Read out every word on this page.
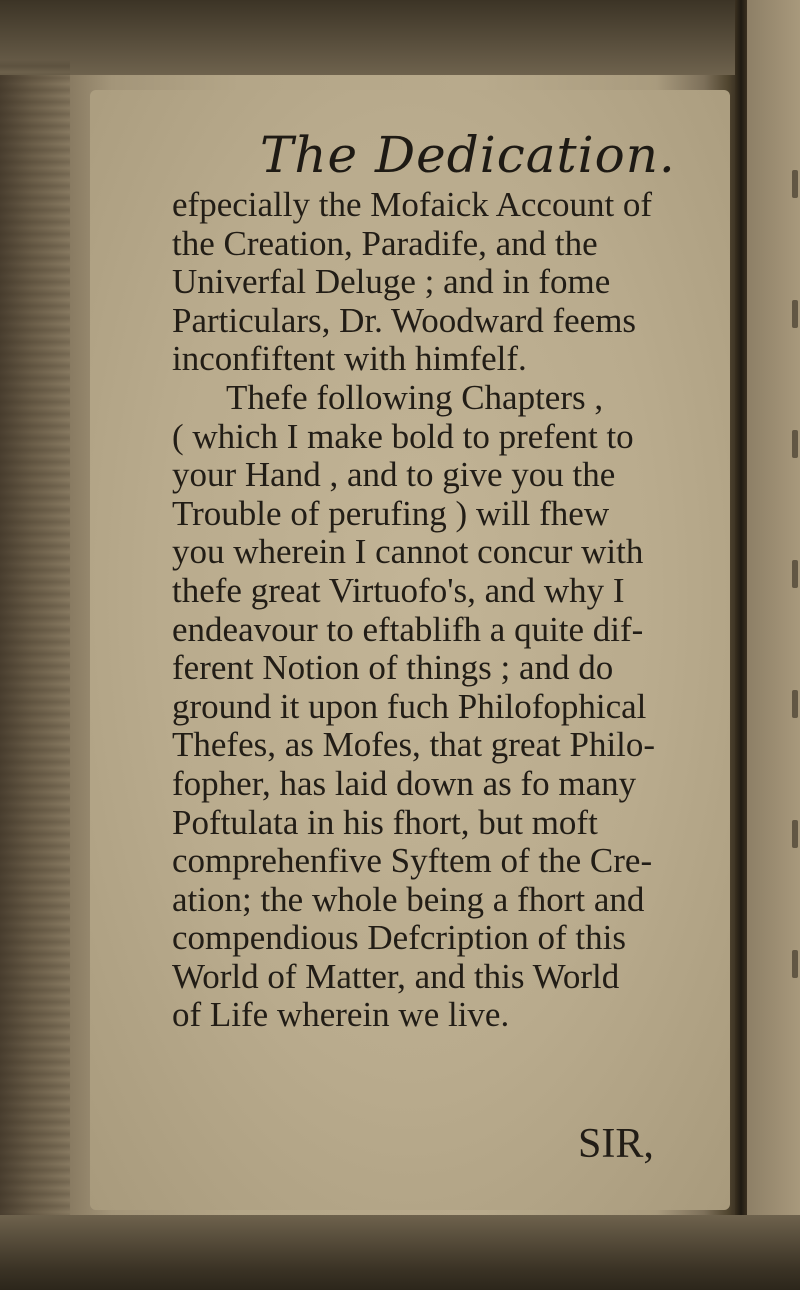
The Dedication.
efpecially the Mofaick Account of
the Creation, Paradife, and the
Univerfal Deluge ; and in fome
Particulars, Dr. Woodward feems
inconfiftent with himfelf.
Thefe following Chapters ,
( which I make bold to prefent to
your Hand , and to give you the
Trouble of perufing ) will fhew
you wherein I cannot concur with
thefe great Virtuofo's, and why I
endeavour to eftablifh a quite dif-
ferent Notion of things ; and do
ground it upon fuch Philofophical
Thefes, as Mofes, that great Philo-
fopher, has laid down as fo many
Poftulata in his fhort, but moft
comprehenfive Syftem of the Cre-
ation; the whole being a fhort and
compendious Defcription of this
World of Matter, and this World
of Life wherein we live.
SIR,
